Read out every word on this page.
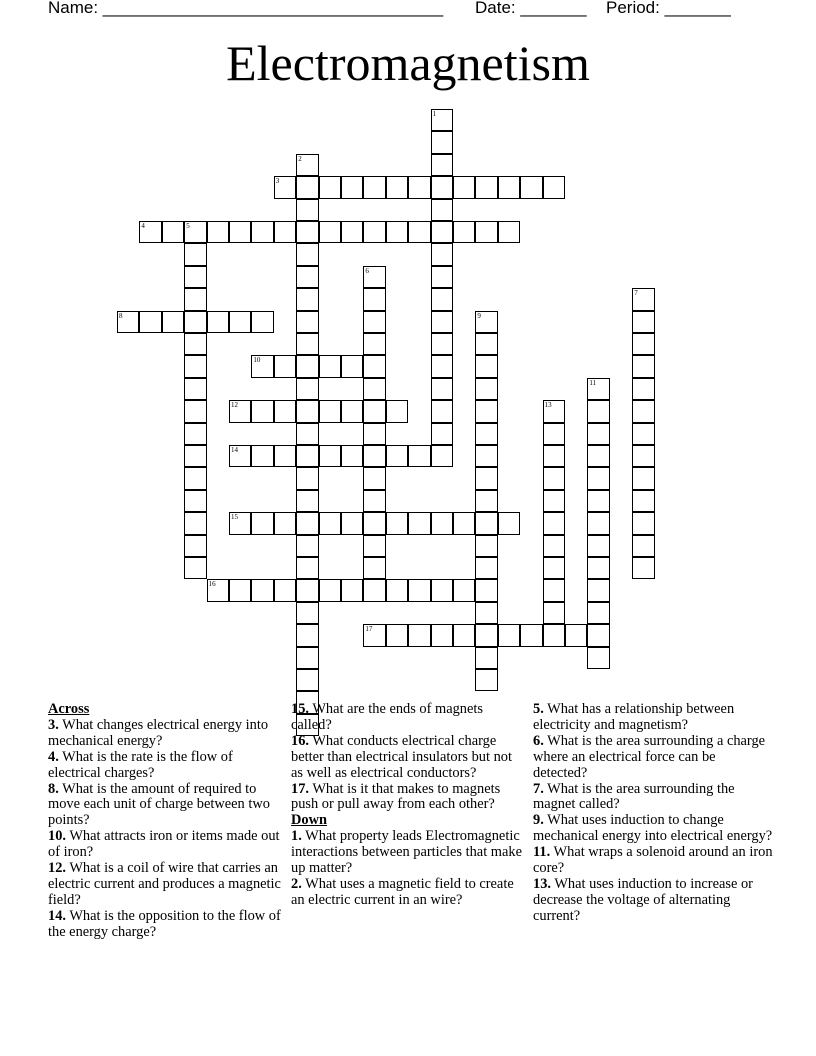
Name: ____________________________________ Date: _______ Period: _______
Electromagnetism
1
2
3
4	5
6
7
8	9
10
11
12	13
14
15
16
17
Across
3. What changes electrical energy into mechanical energy?
4. What is the rate is the flow of electrical charges?
8. What is the amount of required to move each unit of charge between two points?
10. What attracts iron or items made out of iron?
12. What is a coil of wire that carries an electric current and produces a magnetic field?
14. What is the opposition to the flow of the energy charge?
15. What are the ends of magnets called?
16. What conducts electrical charge better than electrical insulators but not as well as electrical conductors?
17. What is it that makes to magnets push or pull away from each other?
Down
1. What property leads Electromagnetic interactions between particles that make up matter?
2. What uses a magnetic field to create an electric current in an wire?
5. What has a relationship between electricity and magnetism?
6. What is the area surrounding a charge where an electrical force can be detected?
7. What is the area surrounding the magnet called?
9. What uses induction to change mechanical energy into electrical energy?
11. What wraps a solenoid around an iron core?
13. What uses induction to increase or decrease the voltage of alternating current?
